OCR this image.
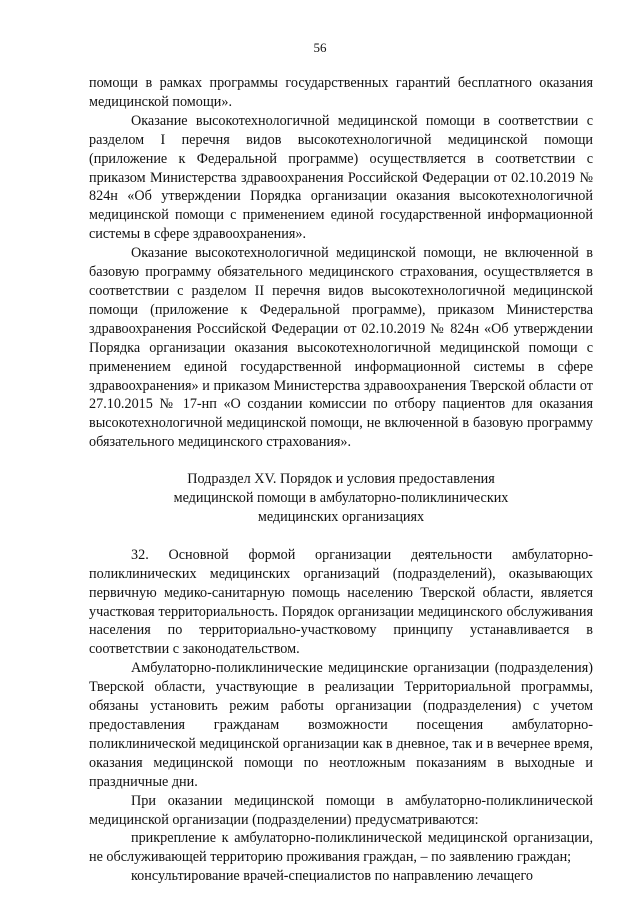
56

помощи в рамках программы государственных гарантий бесплатного оказания медицинской помощи».

Оказание высокотехнологичной медицинской помощи в соответствии с разделом I перечня видов высокотехнологичной медицинской помощи (приложение к Федеральной программе) осуществляется в соответствии с приказом Министерства здравоохранения Российской Федерации от 02.10.2019 № 824н «Об утверждении Порядка организации оказания высокотехнологичной медицинской помощи с применением единой государственной информационной системы в сфере здравоохранения».

Оказание высокотехнологичной медицинской помощи, не включенной в базовую программу обязательного медицинского страхования, осуществляется в соответствии с разделом II перечня видов высокотехнологичной медицинской помощи (приложение к Федеральной программе), приказом Министерства здравоохранения Российской Федерации от 02.10.2019 № 824н «Об утверждении Порядка организации оказания высокотехнологичной медицинской помощи с применением единой государственной информационной системы в сфере здравоохранения» и приказом Министерства здравоохранения Тверской области от 27.10.2015 № 17-нп «О создании комиссии по отбору пациентов для оказания высокотехнологичной медицинской помощи, не включенной в базовую программу обязательного медицинского страхования».

Подраздел XV. Порядок и условия предоставления
медицинской помощи в амбулаторно-поликлинических
медицинских организациях

32. Основной формой организации деятельности амбулаторно-поликлинических медицинских организаций (подразделений), оказывающих первичную медико-санитарную помощь населению Тверской области, является участковая территориальность. Порядок организации медицинского обслуживания населения по территориально-участковому принципу устанавливается в соответствии с законодательством.

Амбулаторно-поликлинические медицинские организации (подразделения) Тверской области, участвующие в реализации Территориальной программы, обязаны установить режим работы организации (подразделения) с учетом предоставления гражданам возможности посещения амбулаторно-поликлинической медицинской организации как в дневное, так и в вечернее время, оказания медицинской помощи по неотложным показаниям в выходные и праздничные дни.

При оказании медицинской помощи в амбулаторно-поликлинической медицинской организации (подразделении) предусматриваются:

прикрепление к амбулаторно-поликлинической медицинской организации, не обслуживающей территорию проживания граждан, – по заявлению граждан;

консультирование врачей-специалистов по направлению лечащего
